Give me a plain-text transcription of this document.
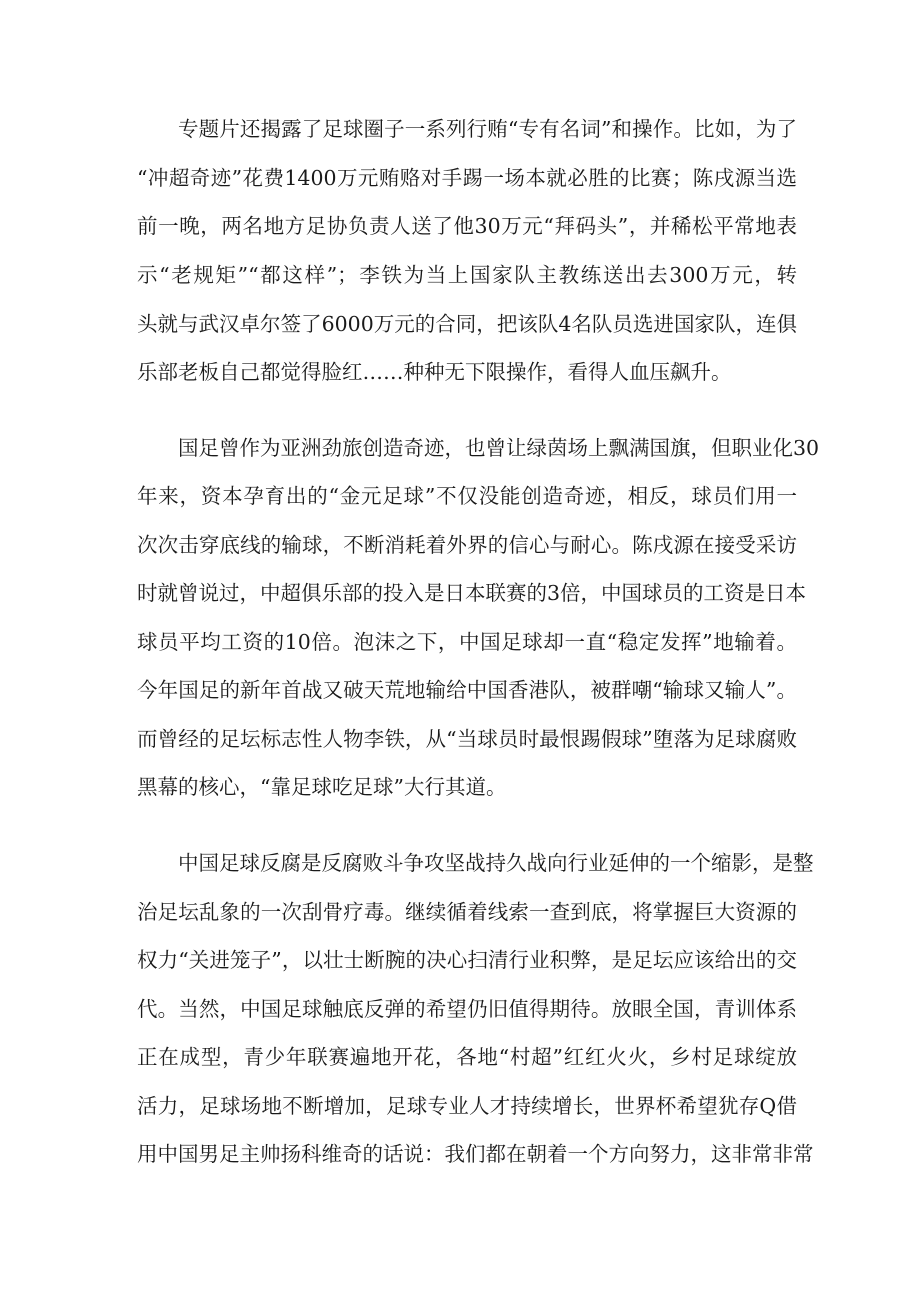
专题片还揭露了足球圈子一系列行贿“专有名词”和操作。比如，为了
“冲超奇迹”花费1400万元贿赂对手踢一场本就必胜的比赛；陈戌源当选
前一晚，两名地方足协负责人送了他30万元“拜码头”，并稀松平常地表
示“老规矩”“都这样”；李铁为当上国家队主教练送出去300万元，转
头就与武汉卓尔签了6000万元的合同，把该队4名队员选进国家队，连俱
乐部老板自己都觉得脸红……种种无下限操作，看得人血压飙升。
国足曾作为亚洲劲旅创造奇迹，也曾让绿茵场上飘满国旗，但职业化30
年来，资本孕育出的“金元足球”不仅没能创造奇迹，相反，球员们用一
次次击穿底线的输球，不断消耗着外界的信心与耐心。陈戌源在接受采访
时就曾说过，中超俱乐部的投入是日本联赛的3倍，中国球员的工资是日本
球员平均工资的10倍。泡沫之下，中国足球却一直“稳定发挥”地输着。
今年国足的新年首战又破天荒地输给中国香港队，被群嘲“输球又输人”。
而曾经的足坛标志性人物李铁，从“当球员时最恨踢假球”堕落为足球腐败
黑幕的核心，“靠足球吃足球”大行其道。
中国足球反腐是反腐败斗争攻坚战持久战向行业延伸的一个缩影，是整
治足坛乱象的一次刮骨疗毒。继续循着线索一查到底，将掌握巨大资源的
权力“关进笼子”，以壮士断腕的决心扫清行业积弊，是足坛应该给出的交
代。当然，中国足球触底反弹的希望仍旧值得期待。放眼全国，青训体系
正在成型，青少年联赛遍地开花，各地“村超”红红火火，乡村足球绽放
活力，足球场地不断增加，足球专业人才持续增长，世界杯希望犹存Q借
用中国男足主帅扬科维奇的话说：我们都在朝着一个方向努力，这非常非常
